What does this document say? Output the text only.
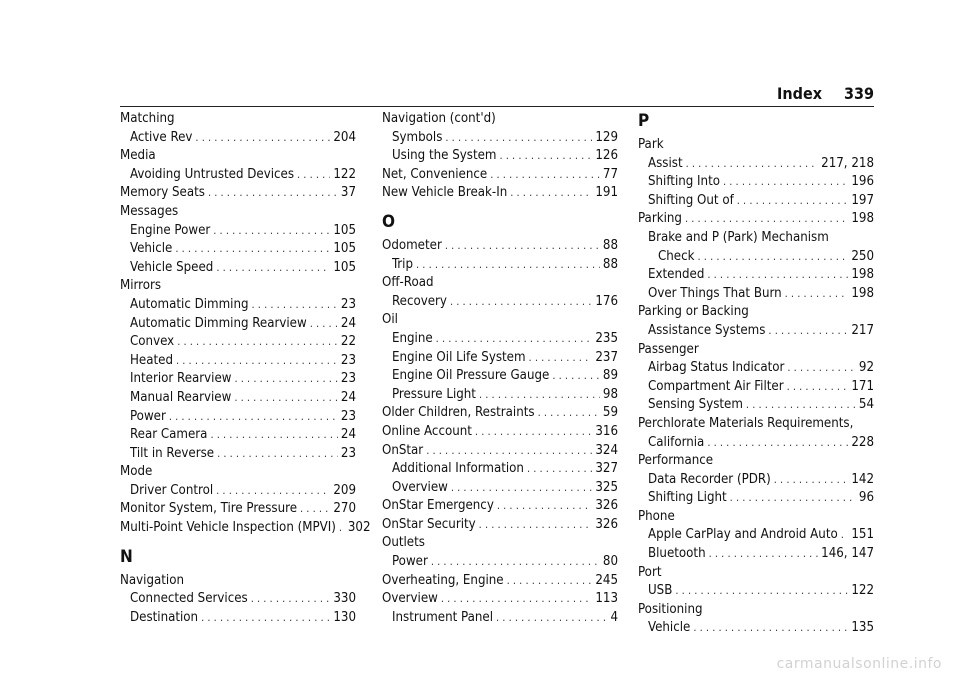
Index 339
Matching
Active Rev . . .	204
Media
Avoiding Untrusted Devices . . .	122
Memory Seats . . .	37
Messages
Engine Power . . .	105
Vehicle . . .	105
Vehicle Speed . . .	105
Mirrors
Automatic Dimming . . .	23
Automatic Dimming Rearview . . .	24
Convex . . .	22
Heated . . .	23
Interior Rearview . . .	23
Manual Rearview . . .	24
Power . . .	23
Rear Camera . . .	24
Tilt in Reverse . . .	23
Mode
Driver Control . . .	209
Monitor System, Tire Pressure . . .	270
Multi-Point Vehicle Inspection (MPVI) . . . 302
N
Navigation
Connected Services . . .	330
Destination . . .	130
Navigation (cont'd)
Symbols . . .	129
Using the System . . .	126
Net, Convenience . . .	77
New Vehicle Break-In . . .	191
O
Odometer . . .	88
Trip . . .	88
Off-Road
Recovery . . .	176
Oil
Engine . . .	235
Engine Oil Life System . . .	237
Engine Oil Pressure Gauge . . .	89
Pressure Light . . .	98
Older Children, Restraints . . .	59
Online Account . . .	316
OnStar . . .	324
Additional Information . . .	327
Overview . . .	325
OnStar Emergency . . .	326
OnStar Security . . .	326
Outlets
Power . . .	80
Overheating, Engine . . .	245
Overview . . .	113
Instrument Panel . . .	4
P
Park
Assist . . .	217, 218
Shifting Into . . .	196
Shifting Out of . . .	197
Parking . . .	198
Brake and P (Park) Mechanism
Check . . .	250
Extended . . .	198
Over Things That Burn . . .	198
Parking or Backing
Assistance Systems . . .	217
Passenger
Airbag Status Indicator . . .	92
Compartment Air Filter . . .	171
Sensing System . . .	54
Perchlorate Materials Requirements,
California . . .	228
Performance
Data Recorder (PDR) . . .	142
Shifting Light . . .	96
Phone
Apple CarPlay and Android Auto . . . 151
Bluetooth . . .	146, 147
Port
USB . . .	122
Positioning
Vehicle . . .	135
carmanualsonline.info
